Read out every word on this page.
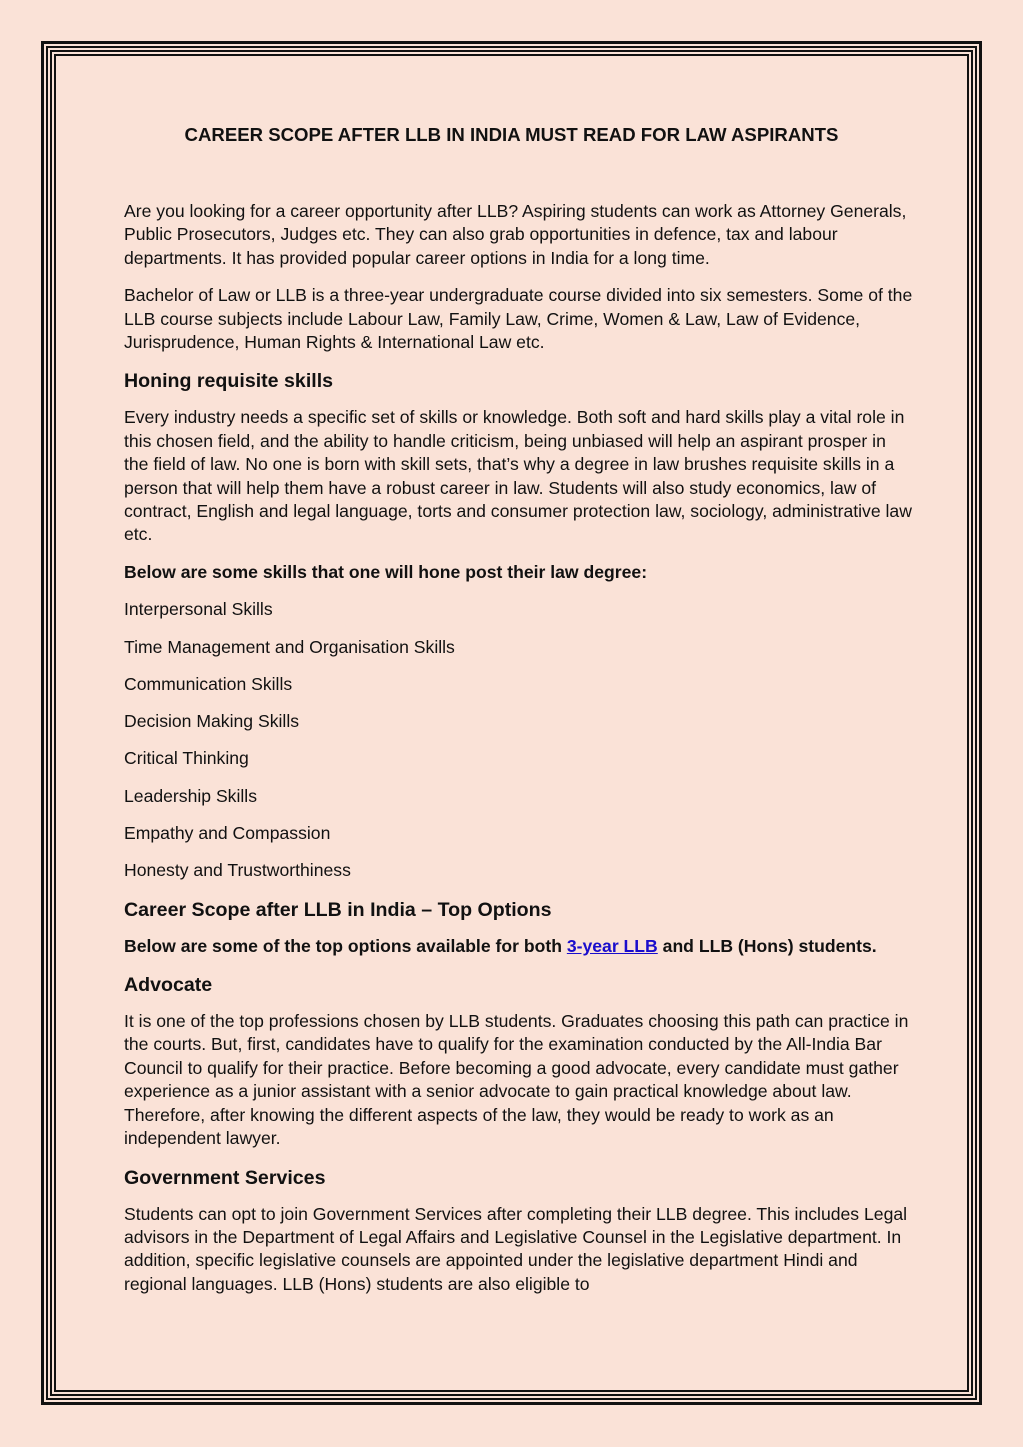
CAREER SCOPE AFTER LLB IN INDIA MUST READ FOR LAW ASPIRANTS

Are you looking for a career opportunity after LLB? Aspiring students can work as Attorney Generals, Public Prosecutors, Judges etc. They can also grab opportunities in defence, tax and labour departments. It has provided popular career options in India for a long time.

Bachelor of Law or LLB is a three-year undergraduate course divided into six semesters. Some of the LLB course subjects include Labour Law, Family Law, Crime, Women & Law, Law of Evidence, Jurisprudence, Human Rights & International Law etc.

Honing requisite skills

Every industry needs a specific set of skills or knowledge. Both soft and hard skills play a vital role in this chosen field, and the ability to handle criticism, being unbiased will help an aspirant prosper in the field of law. No one is born with skill sets, that’s why a degree in law brushes requisite skills in a person that will help them have a robust career in law. Students will also study economics, law of contract, English and legal language, torts and consumer protection law, sociology, administrative law etc.

Below are some skills that one will hone post their law degree:

Interpersonal Skills
Time Management and Organisation Skills
Communication Skills
Decision Making Skills
Critical Thinking
Leadership Skills
Empathy and Compassion
Honesty and Trustworthiness
Career Scope after LLB in India – Top Options

Below are some of the top options available for both 3-year LLB and LLB (Hons) students.

Advocate

It is one of the top professions chosen by LLB students. Graduates choosing this path can practice in the courts. But, first, candidates have to qualify for the examination conducted by the All-India Bar Council to qualify for their practice. Before becoming a good advocate, every candidate must gather experience as a junior assistant with a senior advocate to gain practical knowledge about law. Therefore, after knowing the different aspects of the law, they would be ready to work as an independent lawyer.

Government Services

Students can opt to join Government Services after completing their LLB degree. This includes Legal advisors in the Department of Legal Affairs and Legislative Counsel in the Legislative department. In addition, specific legislative counsels are appointed under the legislative department Hindi and regional languages. LLB (Hons) students are also eligible to
